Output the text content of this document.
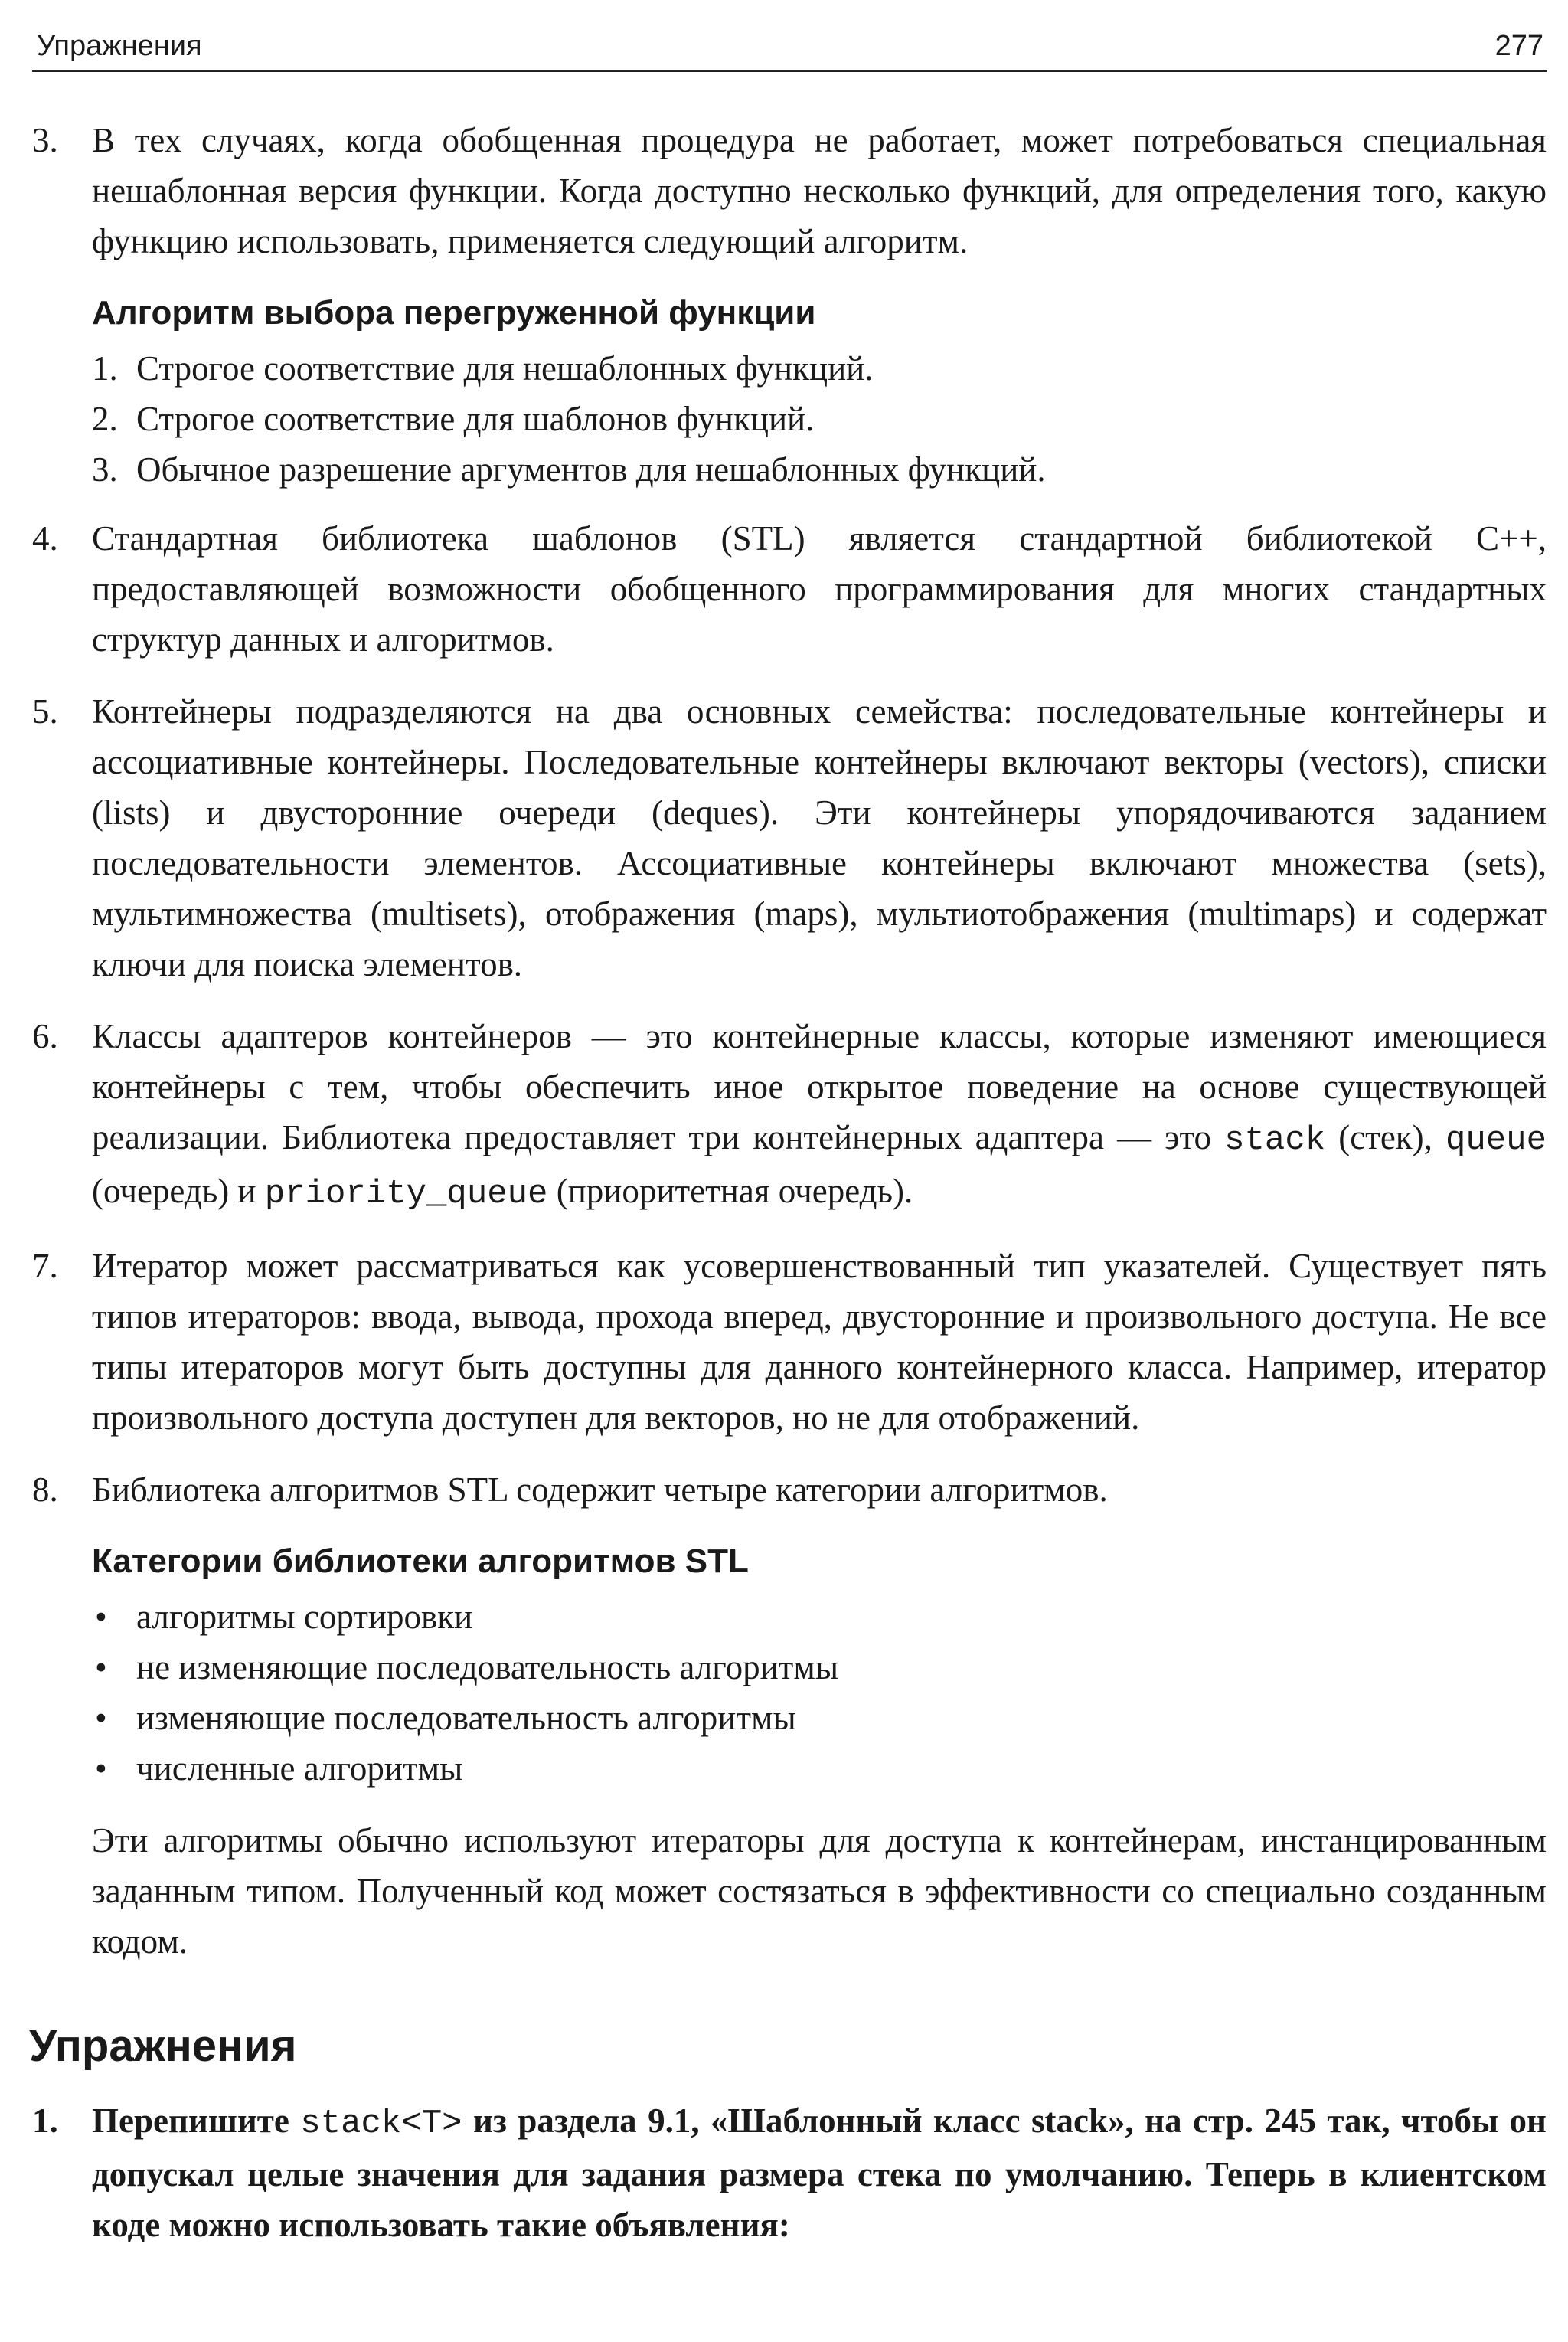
Упражнения	277
3. В тех случаях, когда обобщенная процедура не работает, может потребоваться специальная нешаблонная версия функции. Когда доступно несколько функций, для определения того, какую функцию использовать, применяется следующий алгоритм.
Алгоритм выбора перегруженной функции
1. Строгое соответствие для нешаблонных функций.
2. Строгое соответствие для шаблонов функций.
3. Обычное разрешение аргументов для нешаблонных функций.
4. Стандартная библиотека шаблонов (STL) является стандартной библиотекой C++, предоставляющей возможности обобщенного программирования для многих стандартных структур данных и алгоритмов.
5. Контейнеры подразделяются на два основных семейства: последовательные контейнеры и ассоциативные контейнеры. Последовательные контейнеры включают векторы (vectors), списки (lists) и двусторонние очереди (deques). Эти контейнеры упорядочиваются заданием последовательности элементов. Ассоциативные контейнеры включают множества (sets), мультимножества (multisets), отображения (maps), мультиотображения (multimaps) и содержат ключи для поиска элементов.
6. Классы адаптеров контейнеров — это контейнерные классы, которые изменяют имеющиеся контейнеры с тем, чтобы обеспечить иное открытое поведение на основе существующей реализации. Библиотека предоставляет три контейнерных адаптера — это stack (стек), queue (очередь) и priority_queue (приоритетная очередь).
7. Итератор может рассматриваться как усовершенствованный тип указателей. Существует пять типов итераторов: ввода, вывода, прохода вперед, двусторонние и произвольного доступа. Не все типы итераторов могут быть доступны для данного контейнерного класса. Например, итератор произвольного доступа доступен для векторов, но не для отображений.
8. Библиотека алгоритмов STL содержит четыре категории алгоритмов.
Категории библиотеки алгоритмов STL
• алгоритмы сортировки
• не изменяющие последовательность алгоритмы
• изменяющие последовательность алгоритмы
• численные алгоритмы
Эти алгоритмы обычно используют итераторы для доступа к контейнерам, инстанцированным заданным типом. Полученный код может состязаться в эффективности со специально созданным кодом.
Упражнения
1. Перепишите stack<T> из раздела 9.1, «Шаблонный класс stack», на стр. 245 так, чтобы он допускал целые значения для задания размера стека по умолчанию. Теперь в клиентском коде можно использовать такие объявления:
